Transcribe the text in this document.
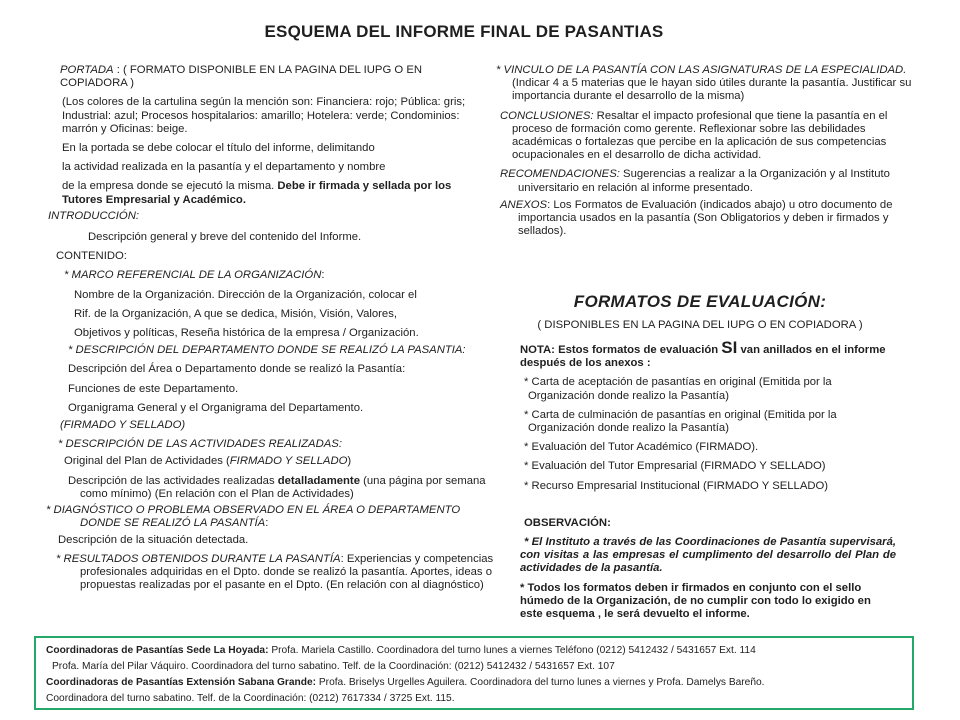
ESQUEMA DEL INFORME FINAL DE PASANTIAS

PORTADA : ( FORMATO DISPONIBLE EN LA PAGINA DEL IUPG O EN COPIADORA )

(Los colores de la cartulina según la mención son: Financiera: rojo; Pública: gris; Industrial: azul; Procesos hospitalarios: amarillo; Hotelera: verde; Condominios: marrón y Oficinas: beige.

En la portada se debe colocar el título del informe, delimitando

la actividad realizada en la pasantía y el departamento y nombre

de la empresa donde se ejecutó la misma. Debe ir firmada y sellada por los Tutores Empresarial y Académico.

INTRODUCCIÓN:

Descripción general y breve del contenido del Informe.

CONTENIDO:

* MARCO REFERENCIAL DE LA ORGANIZACIÓN:

Nombre de la Organización. Dirección de la Organización, colocar el

Rif. de la Organización, A que se dedica, Misión, Visión, Valores,

Objetivos y políticas, Reseña histórica de la empresa / Organización.

* DESCRIPCIÓN DEL DEPARTAMENTO DONDE SE REALIZÓ LA PASANTIA:

Descripción del Área o Departamento donde se realizó la Pasantía:

Funciones de este Departamento.

Organigrama General y el Organigrama del Departamento.

(FIRMADO Y SELLADO)

* DESCRIPCIÓN DE LAS ACTIVIDADES REALIZADAS:

Original del Plan de Actividades (FIRMADO Y SELLADO)

Descripción de las actividades realizadas detalladamente (una página por semana como mínimo) (En relación con el Plan de Actividades)

* DIAGNÓSTICO O PROBLEMA OBSERVADO EN EL ÁREA O DEPARTAMENTO DONDE SE REALIZÓ LA PASANTÍA:

Descripción de la situación detectada.

* RESULTADOS OBTENIDOS DURANTE LA PASANTÍA: Experiencias y competencias profesionales adquiridas en el Dpto. donde se realizó la pasantía. Aportes, ideas o propuestas realizadas por el pasante en el Dpto. (En relación con al diagnóstico)

* VINCULO DE LA PASANTÍA CON LAS ASIGNATURAS DE LA ESPECIALIDAD. (Indicar 4 a 5 materias que le hayan sido útiles durante la pasantía. Justificar su importancia durante el desarrollo de la misma)

CONCLUSIONES: Resaltar el impacto profesional que tiene la pasantía en el proceso de formación como gerente. Reflexionar sobre las debilidades académicas o fortalezas que percibe en la aplicación de sus competencias ocupacionales en el desarrollo de dicha actividad.

RECOMENDACIONES: Sugerencias a realizar a la Organización y al Instituto universitario en relación al informe presentado.

ANEXOS: Los Formatos de Evaluación (indicados abajo) u otro documento de importancia usados en la pasantía (Son Obligatorios y deben ir firmados y sellados).

FORMATOS DE EVALUACIÓN:
( DISPONIBLES EN LA PAGINA DEL IUPG O EN COPIADORA )

NOTA: Estos formatos de evaluación SI van anillados en el informe después de los anexos :

* Carta de aceptación de pasantías en original (Emitida por la Organización donde realizo la Pasantía)

* Carta de culminación de pasantías en original (Emitida por la Organización donde realizo la Pasantía)

* Evaluación del Tutor Académico (FIRMADO).

* Evaluación del Tutor Empresarial (FIRMADO Y SELLADO)

* Recurso Empresarial Institucional (FIRMADO Y SELLADO)

OBSERVACIÓN:

* El Instituto a través de las Coordinaciones de Pasantía supervisará, con visitas a las empresas el cumplimento del desarrollo del Plan de actividades de la pasantía.

* Todos los formatos deben ir firmados en conjunto con el sello húmedo de la Organización, de no cumplir con todo lo exigido en este esquema , le será devuelto el informe.

Coordinadoras de Pasantías Sede La Hoyada: Profa. Mariela Castillo. Coordinadora del turno lunes a viernes Teléfono (0212) 5412432 / 5431657 Ext. 114

Profa. María del Pilar Váquiro. Coordinadora del turno sabatino. Telf. de la Coordinación: (0212) 5412432 / 5431657 Ext. 107

Coordinadoras de Pasantías Extensión Sabana Grande: Profa. Briselys Urgelles Aguilera. Coordinadora del turno lunes a viernes y Profa. Damelys Bareño.

Coordinadora del turno sabatino. Telf. de la Coordinación: (0212) 7617334 / 3725 Ext. 115.
